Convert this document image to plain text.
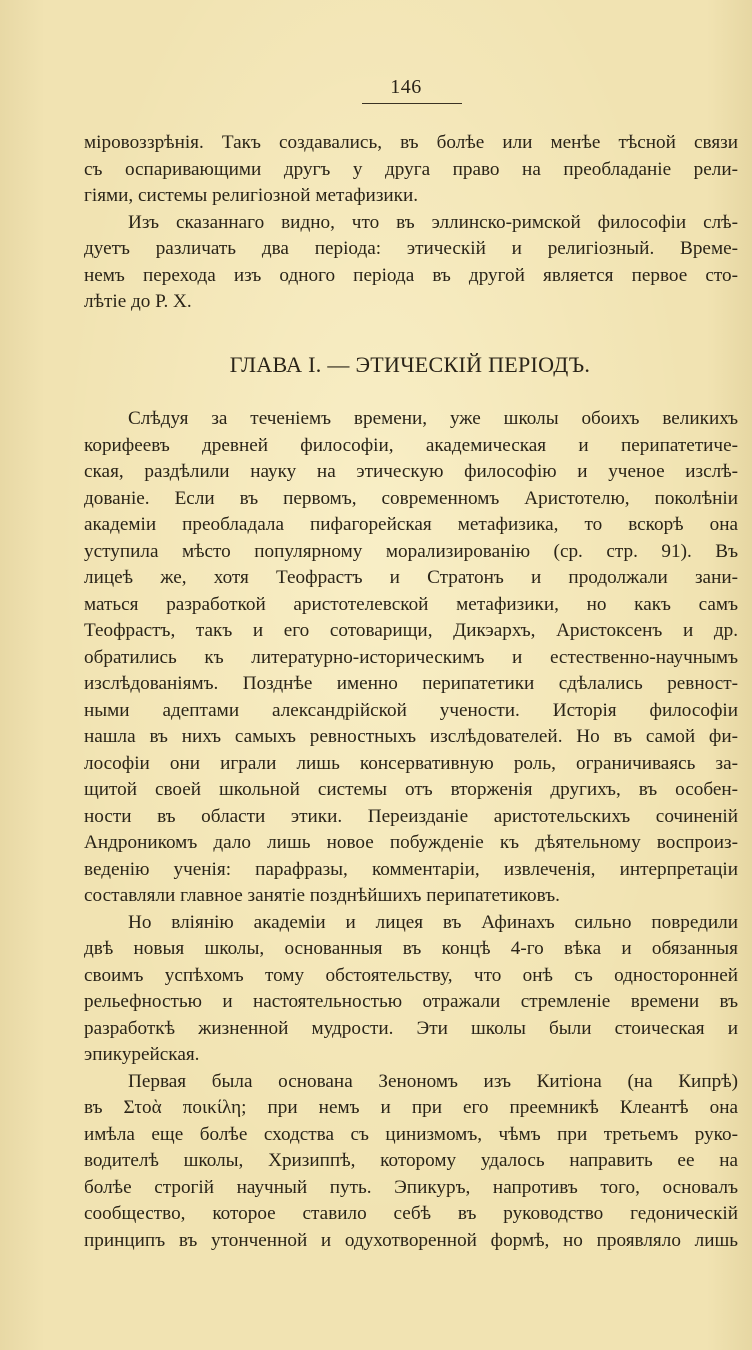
146
міровоззрѣнія. Такъ создавались, въ болѣе или менѣе тѣсной связи
съ оспаривающими другъ у друга право на преобладаніе рели-
гіями, системы религіозной метафизики.
Изъ сказаннаго видно, что въ эллинско-римской философіи слѣ-
дуетъ различать два періода: этическій и религіозный. Време-
немъ перехода изъ одного періода въ другой является первое сто-
лѣтіе до Р. Х.
ГЛАВА I. — ЭТИЧЕСКІЙ ПЕРІОДЪ.
Слѣдуя за теченіемъ времени, уже школы обоихъ великихъ
корифеевъ древней философіи, академическая и перипатетиче-
ская, раздѣлили науку на этическую философію и ученое изслѣ-
дованіе. Если въ первомъ, современномъ Аристотелю, поколѣніи
академіи преобладала пифагорейская метафизика, то вскорѣ она
уступила мѣсто популярному морализированію (ср. стр. 91). Въ
лицеѣ же, хотя Теофрастъ и Стратонъ и продолжали зани-
маться разработкой аристотелевской метафизики, но какъ самъ
Теофрастъ, такъ и его сотоварищи, Дикэархъ, Аристоксенъ и др.
обратились къ литературно-историческимъ и естественно-научнымъ
изслѣдованіямъ. Позднѣе именно перипатетики сдѣлались ревност-
ными адептами александрійской учености. Исторія философіи
нашла въ нихъ самыхъ ревностныхъ изслѣдователей. Но въ самой фи-
лософіи они играли лишь консервативную роль, ограничиваясь за-
щитой своей школьной системы отъ вторженія другихъ, въ особен-
ности въ области этики. Переизданіе аристотельскихъ сочиненій
Андроникомъ дало лишь новое побужденіе къ дѣятельному воспроиз-
веденію ученія: парафразы, комментаріи, извлеченія, интерпретаціи
составляли главное занятіе позднѣйшихъ перипатетиковъ.
Но вліянію академіи и лицея въ Афинахъ сильно повредили
двѣ новыя школы, основанныя въ концѣ 4-го вѣка и обязанныя
своимъ успѣхомъ тому обстоятельству, что онѣ съ односторонней
рельефностью и настоятельностью отражали стремленіе времени въ
разработкѣ жизненной мудрости. Эти школы были стоическая и
эпикурейская.
Первая была основана Зенономъ изъ Китіона (на Кипрѣ)
въ Στοὰ ποικίλη; при немъ и при его преемникѣ Клеантѣ она
имѣла еще болѣе сходства съ цинизмомъ, чѣмъ при третьемъ руко-
водителѣ школы, Хризиппѣ, которому удалось направить ее на
болѣе строгій научный путь. Эпикуръ, напротивъ того, основалъ
сообщество, которое ставило себѣ въ руководство гедоническій
принципъ въ утонченной и одухотворенной формѣ, но проявляло лишь
